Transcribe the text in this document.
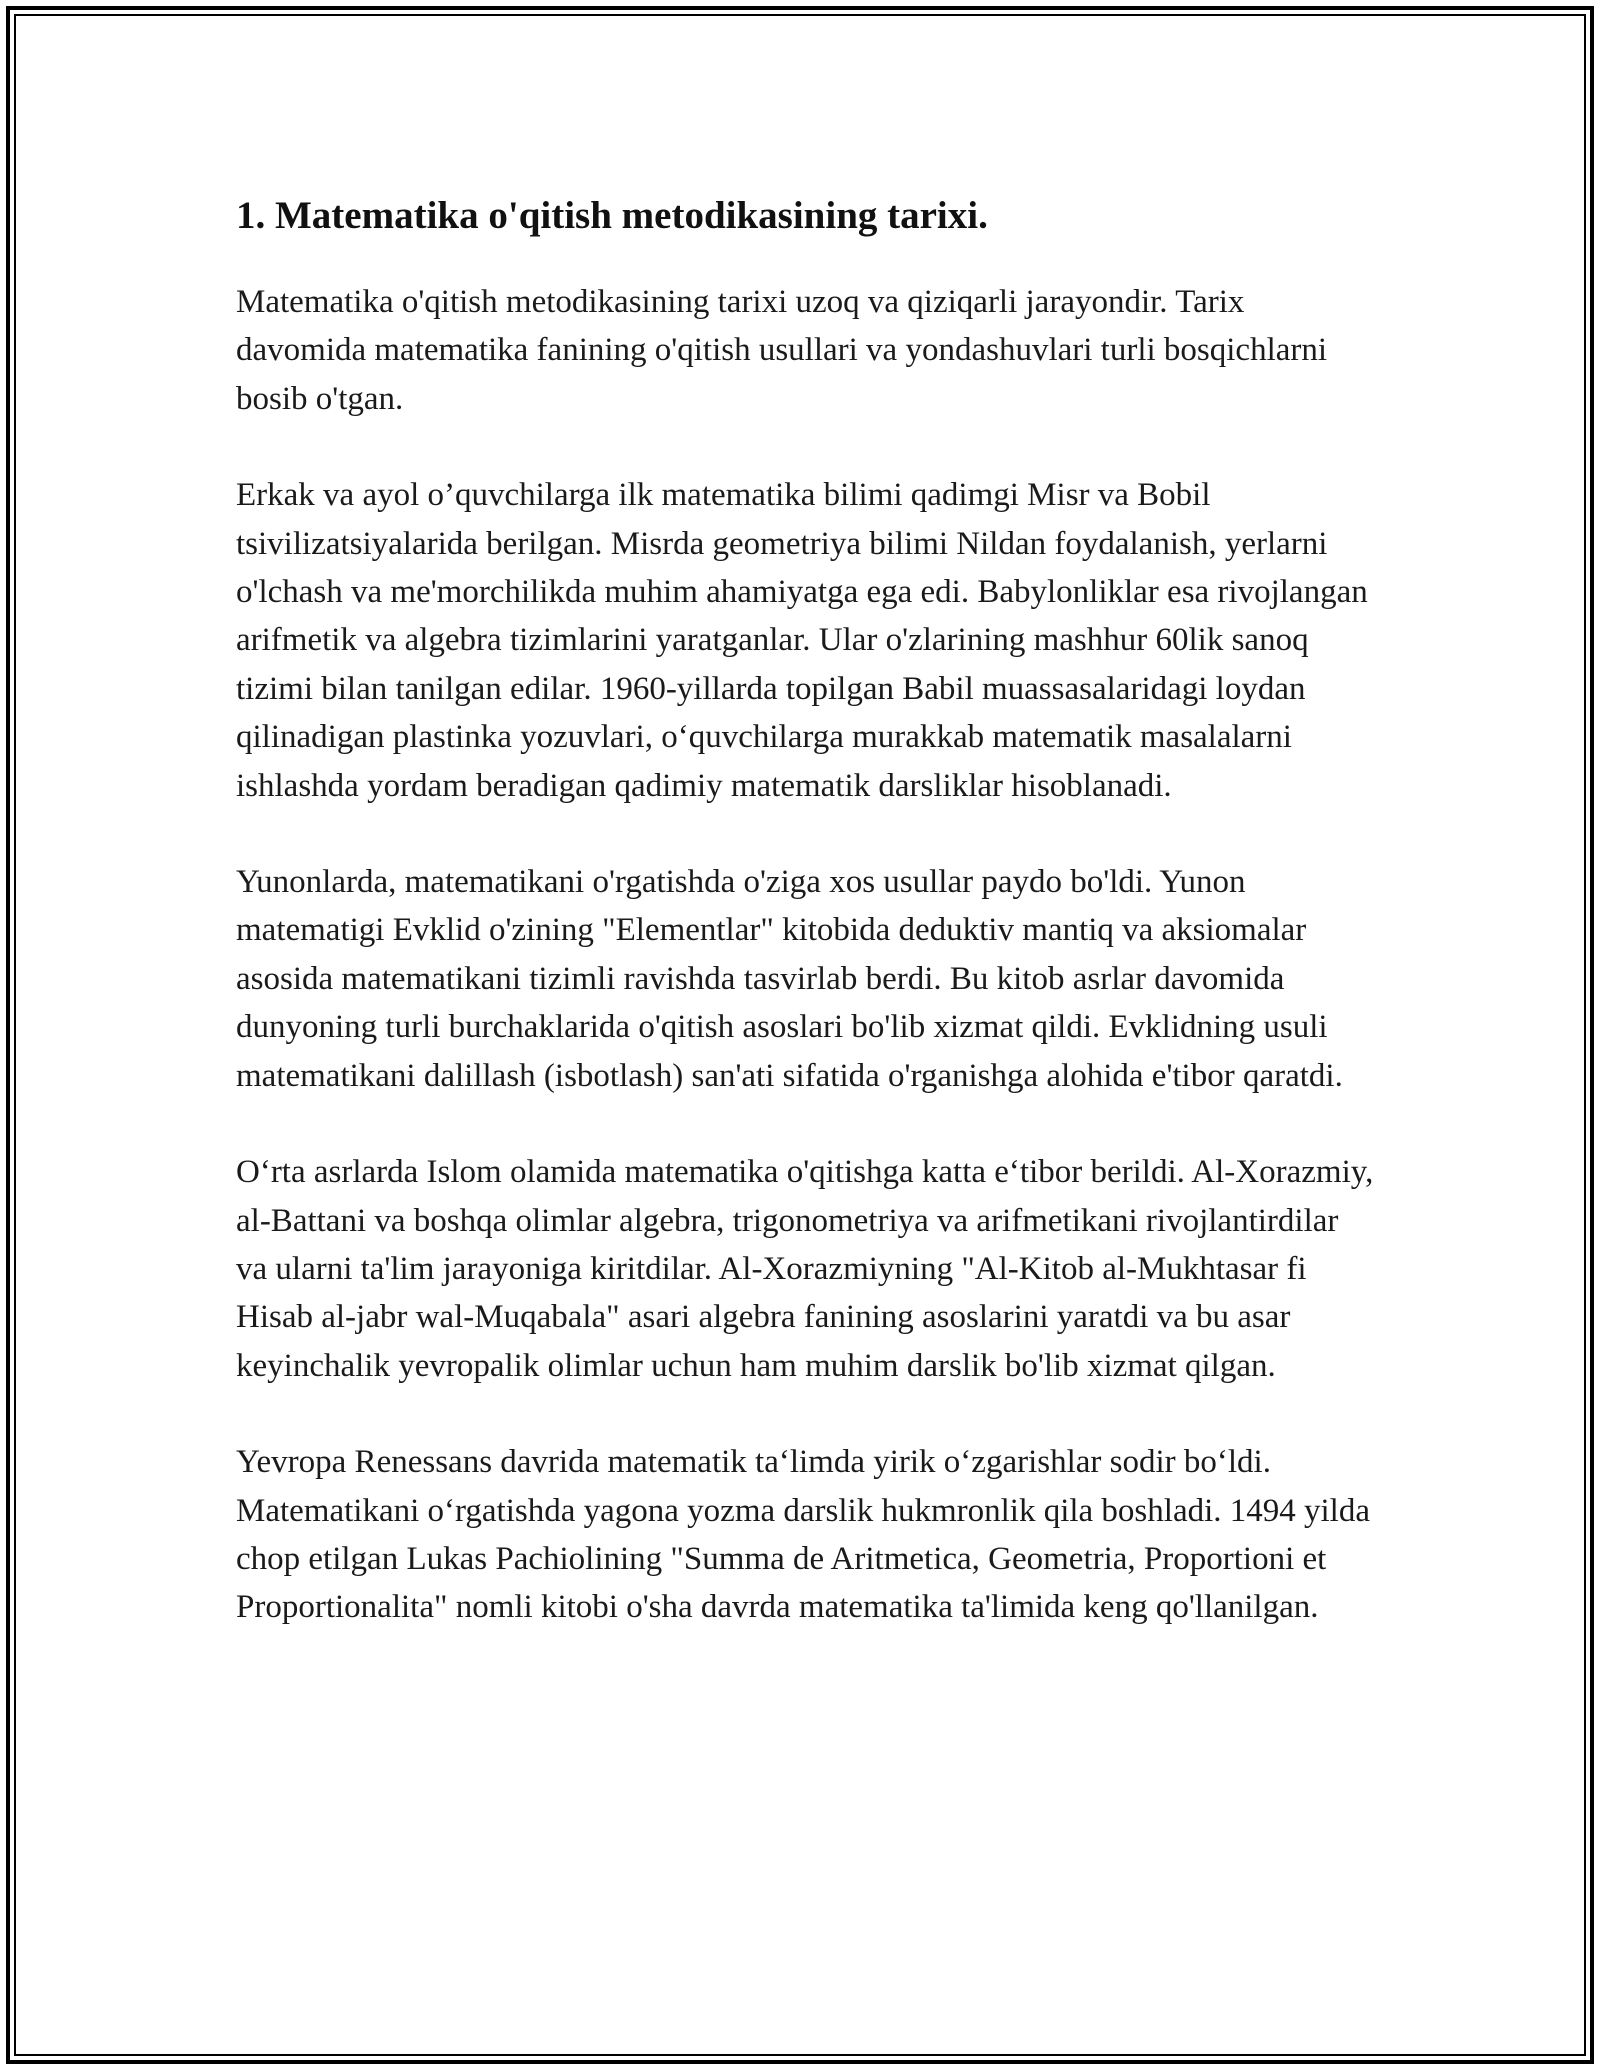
1. Matematika o'qitish metodikasining tarixi.

Matematika o'qitish metodikasining tarixi uzoq va qiziqarli jarayondir. Tarix davomida matematika fanining o'qitish usullari va yondashuvlari turli bosqichlarni bosib o'tgan.

Erkak va ayol o’quvchilarga ilk matematika bilimi qadimgi Misr va Bobil tsivilizatsiyalarida berilgan. Misrda geometriya bilimi Nildan foydalanish, yerlarni o'lchash va me'morchilikda muhim ahamiyatga ega edi. Babylonliklar esa rivojlangan arifmetik va algebra tizimlarini yaratganlar. Ular o'zlarining mashhur 60lik sanoq tizimi bilan tanilgan edilar. 1960-yillarda topilgan Babil muassasalaridagi loydan qilinadigan plastinka yozuvlari, oʻquvchilarga murakkab matematik masalalarni ishlashda yordam beradigan qadimiy matematik darsliklar hisoblanadi.

Yunonlarda, matematikani o'rgatishda o'ziga xos usullar paydo bo'ldi. Yunon matematigi Evklid o'zining "Elementlar" kitobida deduktiv mantiq va aksiomalar asosida matematikani tizimli ravishda tasvirlab berdi. Bu kitob asrlar davomida dunyoning turli burchaklarida o'qitish asoslari bo'lib xizmat qildi. Evklidning usuli matematikani dalillash (isbotlash) san'ati sifatida o'rganishga alohida e'tibor qaratdi.

Oʻrta asrlarda Islom olamida matematika o'qitishga katta eʻtibor berildi. Al-Xorazmiy, al-Battani va boshqa olimlar algebra, trigonometriya va arifmetikani rivojlantirdilar va ularni ta'lim jarayoniga kiritdilar. Al-Xorazmiyning "Al-Kitob al-Mukhtasar fi Hisab al-jabr wal-Muqabala" asari algebra fanining asoslarini yaratdi va bu asar keyinchalik yevropalik olimlar uchun ham muhim darslik bo'lib xizmat qilgan.

Yevropa Renessans davrida matematik taʻlimda yirik oʻzgarishlar sodir boʻldi. Matematikani oʻrgatishda yagona yozma darslik hukmronlik qila boshladi. 1494 yilda chop etilgan Lukas Pachiolining "Summa de Aritmetica, Geometria, Proportioni et Proportionalita" nomli kitobi o'sha davrda matematika ta'limida keng qo'llanilgan.
